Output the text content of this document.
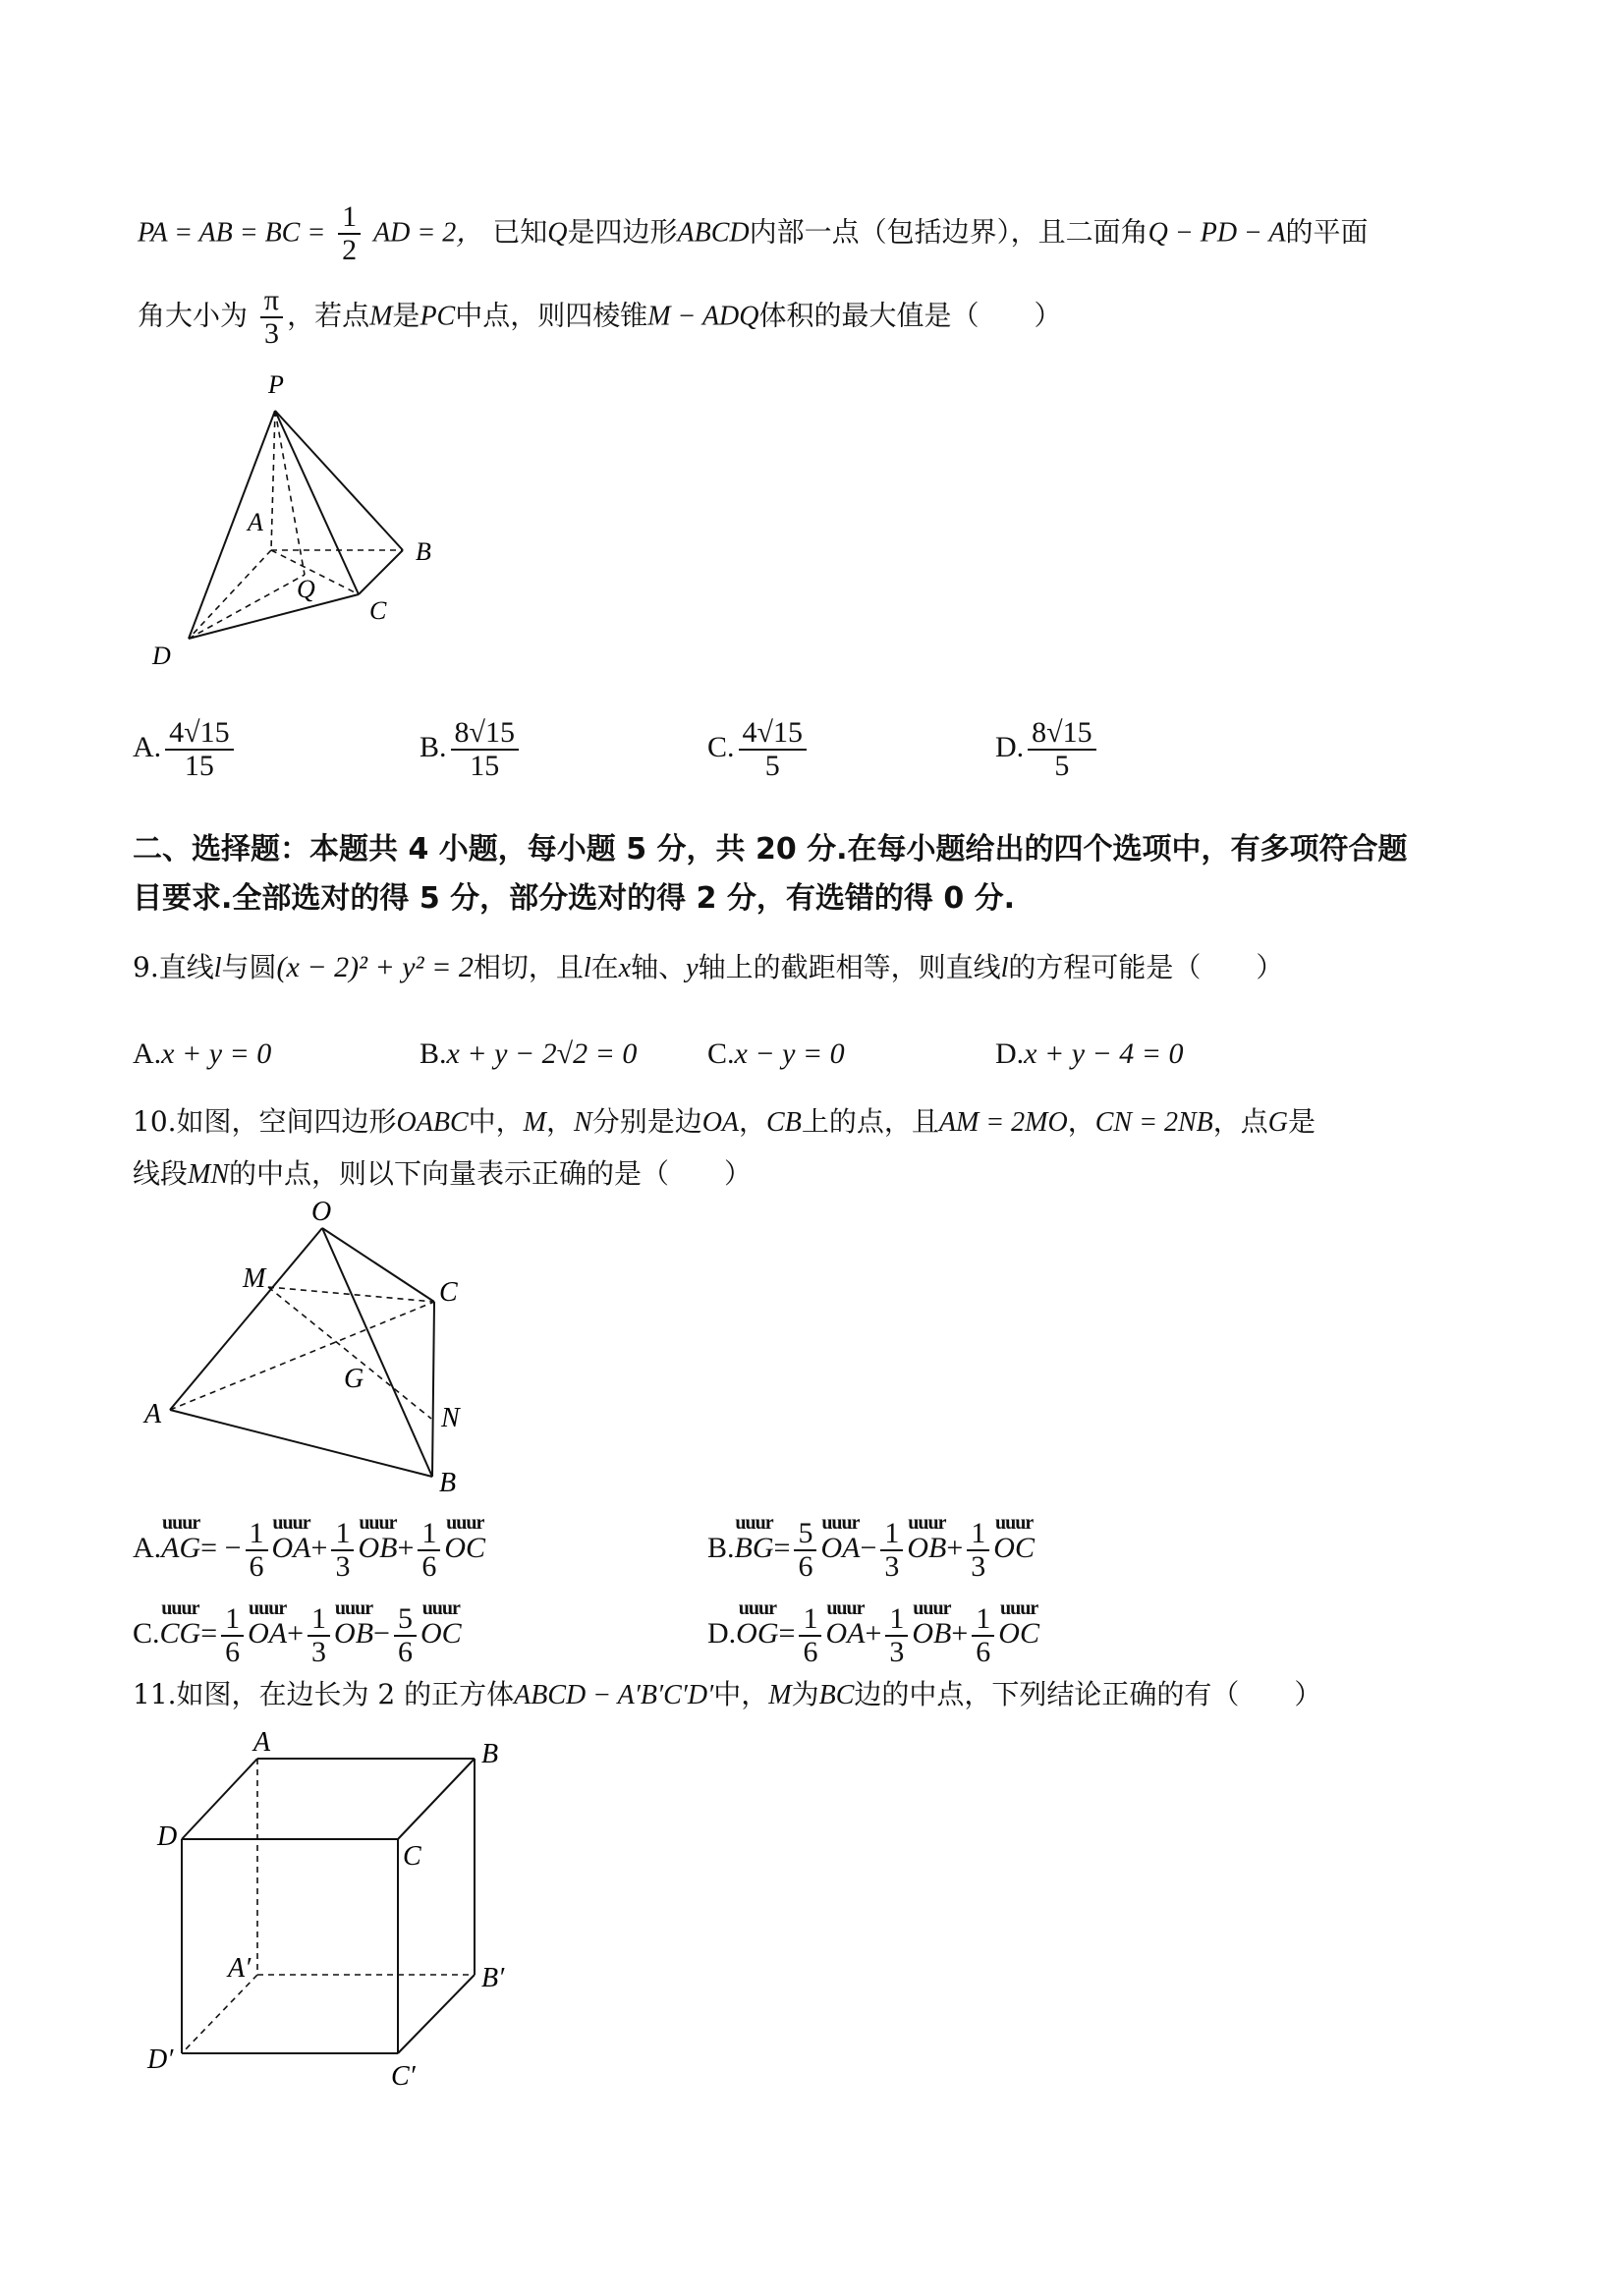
PA = AB = BC = $\frac{1}{2}$ AD = 2， 已知Q是四边形ABCD内部一点（包括边界），且二面角Q − PD − A的平面
角大小为 $\frac{\pi}{3}$ ，若点M是PC中点，则四棱锥M − ADQ体积的最大值是（　　）
P
A
B
Q
C
D
A. $\frac{4√15}{15}$	B. $\frac{8√15}{15}$	C. $\frac{4√15}{5}$	D. $\frac{8√15}{5}$
二、选择题：本题共 4 小题，每小题 5 分，共 20 分.在每小题给出的四个选项中，有多项符合题
目要求.全部选对的得 5 分，部分选对的得 2 分，有选错的得 0 分.
9.直线l与圆(x − 2)² + y² = 2相切，且l在x轴、y轴上的截距相等，则直线l的方程可能是（　　）
A.x + y = 0	B.x + y − 2√2 = 0 C.x − y = 0	D.x + y − 4 = 0
10.如图，空间四边形OABC中，M，N分别是边OA，CB上的点，且AM = 2MO，CN = 2NB，点G是
线段MN的中点，则以下向量表示正确的是（　　）
O
M	C
G
A	N
B
A.
uuur
$AG= - \frac{1}{6}$ uuur
$OA+ \frac{1}{3}$ uuur
$OB+ \frac{1}{6}$ uuur
OC	B.
uuur
$BG= \frac{5}{6}$ uuur
$OA- \frac{1}{3}$ uuur
$OB+ \frac{1}{3}$ uuur
OC
C.
uuur
$CG= \frac{1}{6}$ uuur
$OA+ \frac{1}{3}$ uuur
$OB- \frac{5}{6}$ uuur
OC	D.
uuur
$OG= \frac{1}{6}$ uuur
$OA+ \frac{1}{3}$ uuur
$OB+ \frac{1}{6}$ uuur
OC
11.如图，在边长为 2 的正方体ABCD − A′B′C′D′中，M为BC边的中点，下列结论正确的有（　　）
A	B
D
C
A′	B′
D′
C′
